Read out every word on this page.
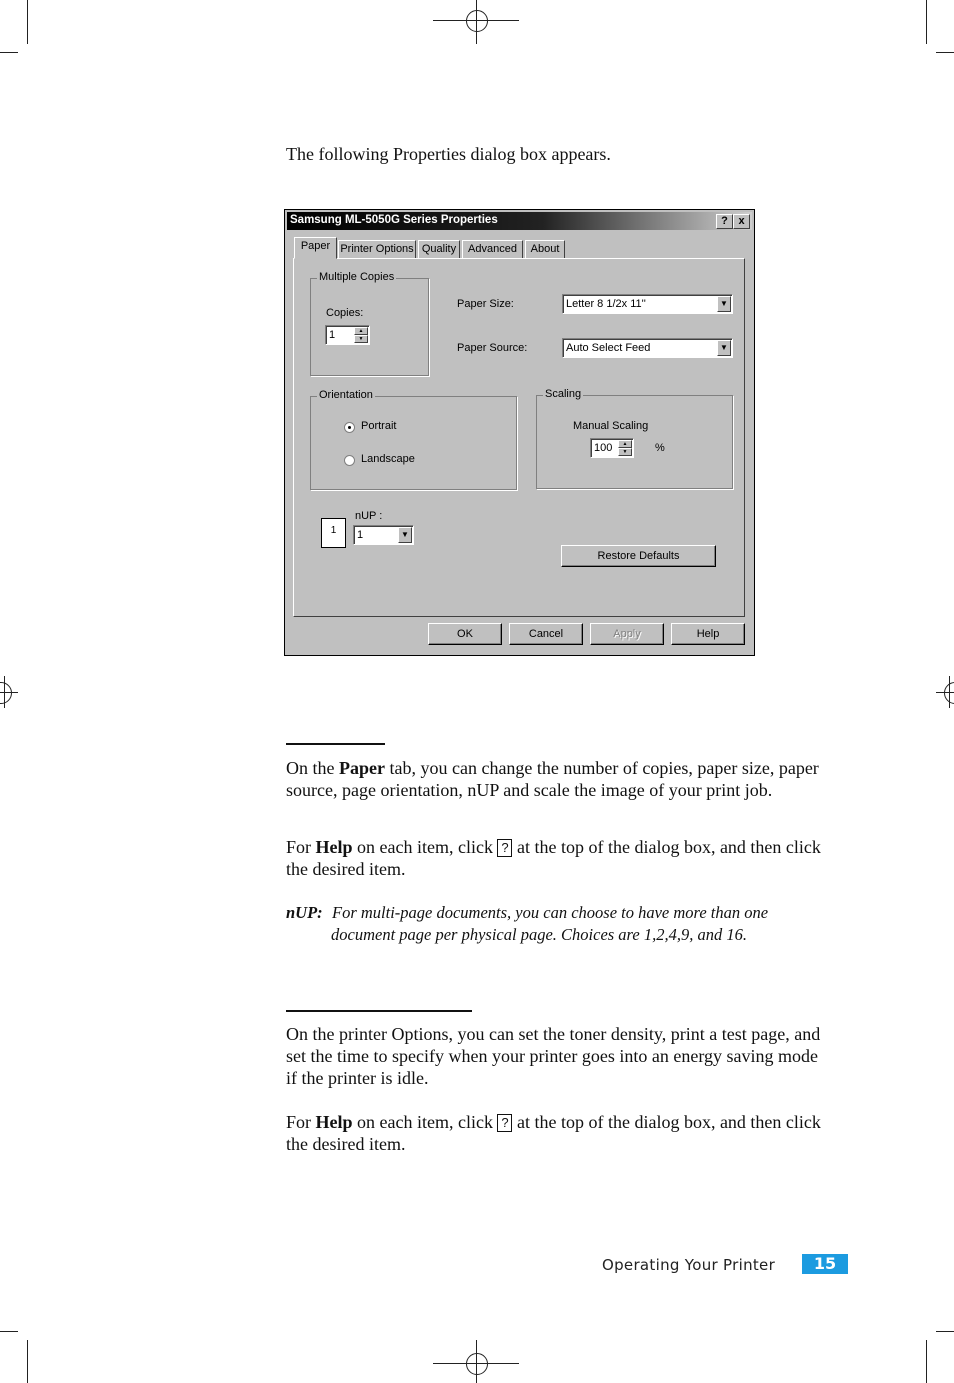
The following Properties dialog box appears.
Samsung ML-5050G Series Properties	? x
Paper Printer Options Quality	Advanced	About
Multiple Copies
Copies:
1	▲
▼
Paper Size:	Letter 8 1/2x 11''	▼
Paper Source:	Auto Select Feed	▼
Orientation
Portrait
Landscape
Scaling
Manual Scaling
100	▲
▼	%
1
nUP :
1	▼
Restore Defaults
OK	Cancel	Apply	Help
On the Paper tab, you can change the number of copies, paper size, paper source, page orientation, nUP and scale the image of your print job.
For Help on each item, click ? at the top of the dialog box, and then click the desired item.
nUP: For multi-page documents, you can choose to have more than one document page per physical page. Choices are 1,2,4,9, and 16.
On the printer Options, you can set the toner density, print a test page, and set the time to specify when your printer goes into an energy saving mode if the printer is idle.
For Help on each item, click ? at the top of the dialog box, and then click the desired item.
Operating Your Printer	15
